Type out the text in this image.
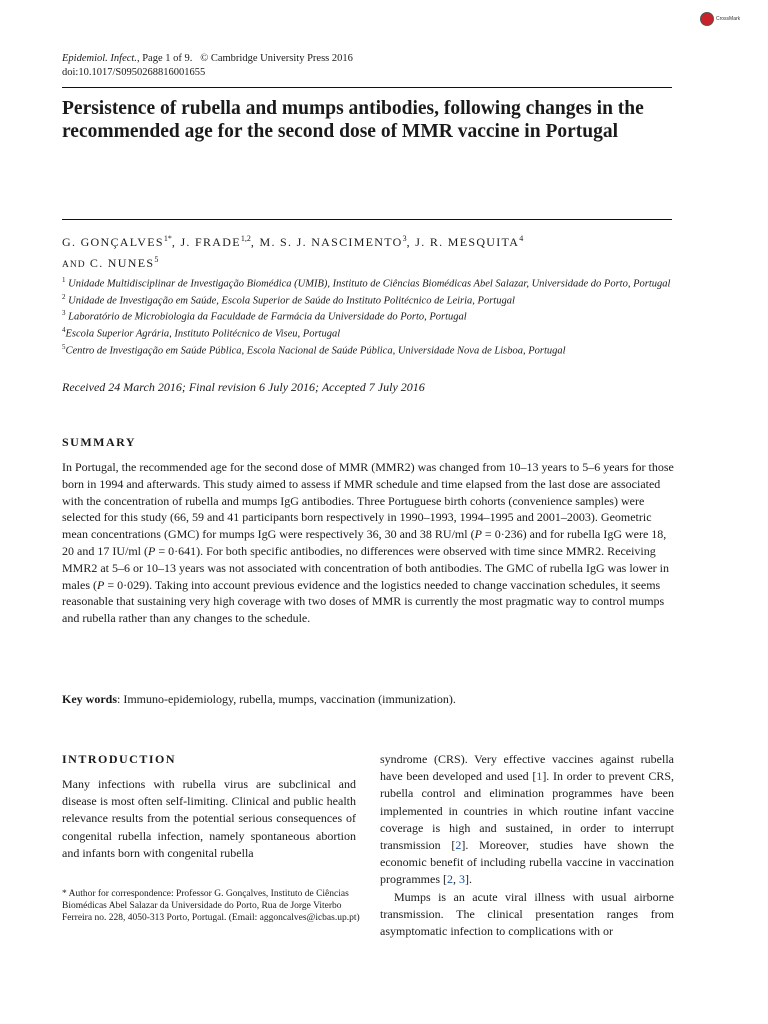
CrossMark
Epidemiol. Infect., Page 1 of 9. © Cambridge University Press 2016
doi:10.1017/S0950268816001655
Persistence of rubella and mumps antibodies, following changes in the recommended age for the second dose of MMR vaccine in Portugal
G. $GONÇALVES^{1*}$, J. FRADE$^{1,2}$, M. S. J. NASCIMENTO$^3$, J. R. MESQUITA$^4$
AND C. NUNES$^5$
$^1$ Unidade Multidisciplinar de Investigação Biomédica (UMIB), Instituto de Ciências Biomédicas Abel Salazar, Universidade do Porto, Portugal
$^2$ Unidade de Investigação em Saúde, Escola Superior de Saúde do Instituto Politécnico de Leiria, Portugal
$^3$ Laboratório de Microbiologia da Faculdade de Farmácia da Universidade do Porto, Portugal
$^4$Escola Superior Agrária, Instituto Politécnico de Viseu, Portugal
$^5$Centro de Investigação em Saúde Pública, Escola Nacional de Saúde Pública, Universidade Nova de Lisboa, Portugal
Received 24 March 2016; Final revision 6 July 2016; Accepted 7 July 2016
SUMMARY
In Portugal, the recommended age for the second dose of MMR (MMR2) was changed from 10–13 years to 5–6 years for those born in 1994 and afterwards. This study aimed to assess if MMR schedule and time elapsed from the last dose are associated with the concentration of rubella and mumps IgG antibodies. Three Portuguese birth cohorts (convenience samples) were selected for this study (66, 59 and 41 participants born respectively in 1990–1993, 1994–1995 and 2001–2003). Geometric mean concentrations (GMC) for mumps IgG were respectively 36, 30 and 38 RU/ml (P = 0·236) and for rubella IgG were 18, 20 and 17 IU/ml (P = 0·641). For both specific antibodies, no differences were observed with time since MMR2. Receiving MMR2 at 5–6 or 10–13 years was not associated with concentration of both antibodies. The GMC of rubella IgG was lower in males (P = 0·029). Taking into account previous evidence and the logistics needed to change vaccination schedules, it seems reasonable that sustaining very high coverage with two doses of MMR is currently the most pragmatic way to control mumps and rubella rather than any changes to the schedule.
Key words: Immuno-epidemiology, rubella, mumps, vaccination (immunization).
INTRODUCTION
Many infections with rubella virus are subclinical and disease is most often self-limiting. Clinical and public health relevance results from the potential serious consequences of congenital rubella infection, namely spontaneous abortion and infants born with congenital rubella
syndrome (CRS). Very effective vaccines against rubella have been developed and used [1]. In order to prevent CRS, rubella control and elimination programmes have been implemented in countries in which routine infant vaccine coverage is high and sustained, in order to interrupt transmission [2]. Moreover, studies have shown the economic benefit of including rubella vaccine in vaccination programmes [2, 3].
Mumps is an acute viral illness with usual airborne transmission. The clinical presentation ranges from asymptomatic infection to complications with or
* Author for correspondence: Professor G. Gonçalves, Instituto de Ciências Biomédicas Abel Salazar da Universidade do Porto, Rua de Jorge Viterbo Ferreira no. 228, 4050-313 Porto, Portugal. (Email: aggoncalves@icbas.up.pt)
